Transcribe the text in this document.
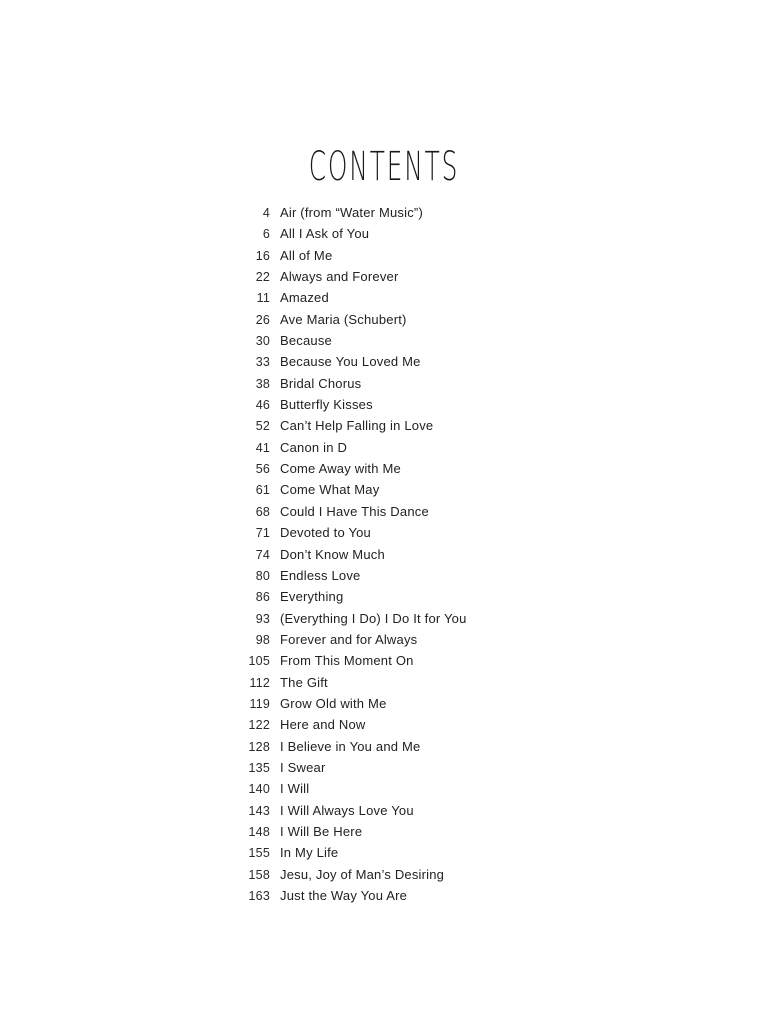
CONTENTS
4 Air (from “Water Music”)
6 All I Ask of You
16 All of Me
22 Always and Forever
11 Amazed
26 Ave Maria (Schubert)
30 Because
33 Because You Loved Me
38 Bridal Chorus
46 Butterfly Kisses
52 Can’t Help Falling in Love
41 Canon in D
56 Come Away with Me
61 Come What May
68 Could I Have This Dance
71 Devoted to You
74 Don’t Know Much
80 Endless Love
86 Everything
93 (Everything I Do) I Do It for You
98 Forever and for Always
105 From This Moment On
112 The Gift
119 Grow Old with Me
122 Here and Now
128 I Believe in You and Me
135 I Swear
140 I Will
143 I Will Always Love You
148 I Will Be Here
155 In My Life
158 Jesu, Joy of Man’s Desiring
163 Just the Way You Are
